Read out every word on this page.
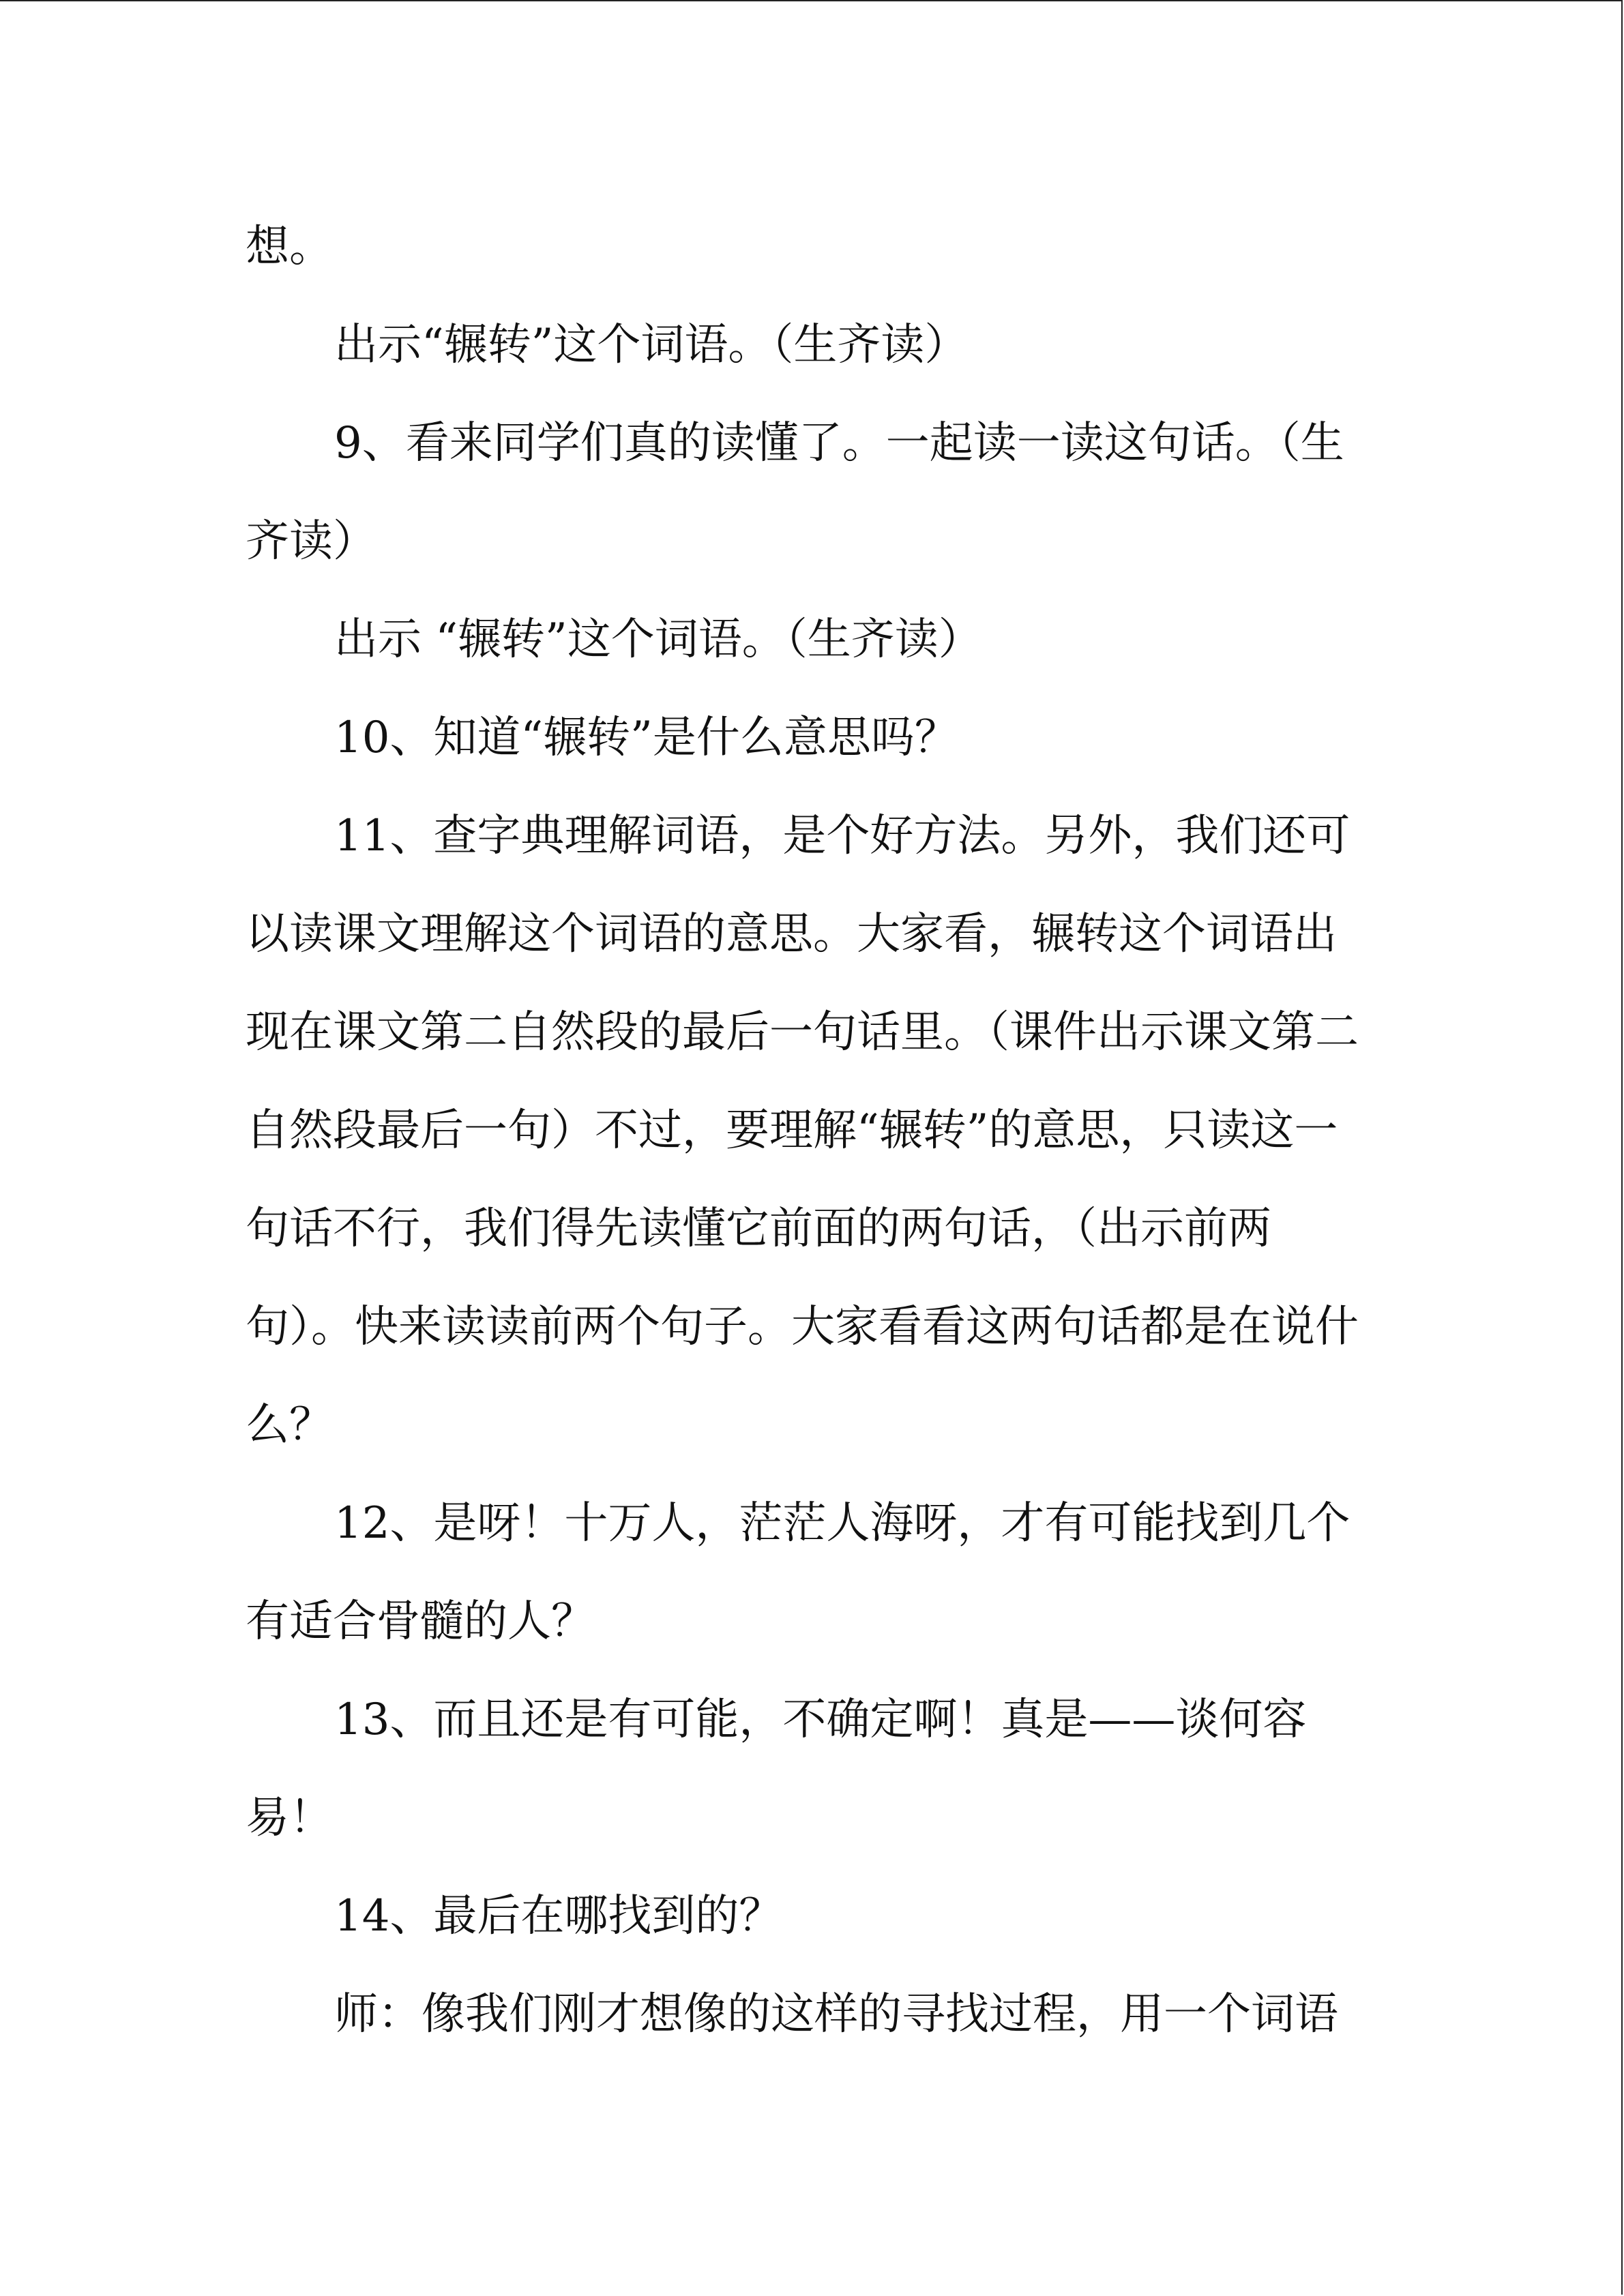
想。

出示“辗转”这个词语。（生齐读）

9、看来同学们真的读懂了。一起读一读这句话。（生齐读）

出示 “辗转”这个词语。（生齐读）

10、知道“辗转”是什么意思吗？

11、查字典理解词语，是个好方法。另外，我们还可以读课文理解这个词语的意思。大家看，辗转这个词语出现在课文第二自然段的最后一句话里。（课件出示课文第二自然段最后一句）不过，要理解“辗转”的意思，只读这一句话不行，我们得先读懂它前面的两句话，（出示前两句）。快来读读前两个句子。大家看看这两句话都是在说什么？

12、是呀！十万人，茫茫人海呀，才有可能找到几个有适合骨髓的人？

13、而且还是有可能，不确定啊！真是——谈何容易！

14、最后在哪找到的？

师：像我们刚才想像的这样的寻找过程，用一个词语
